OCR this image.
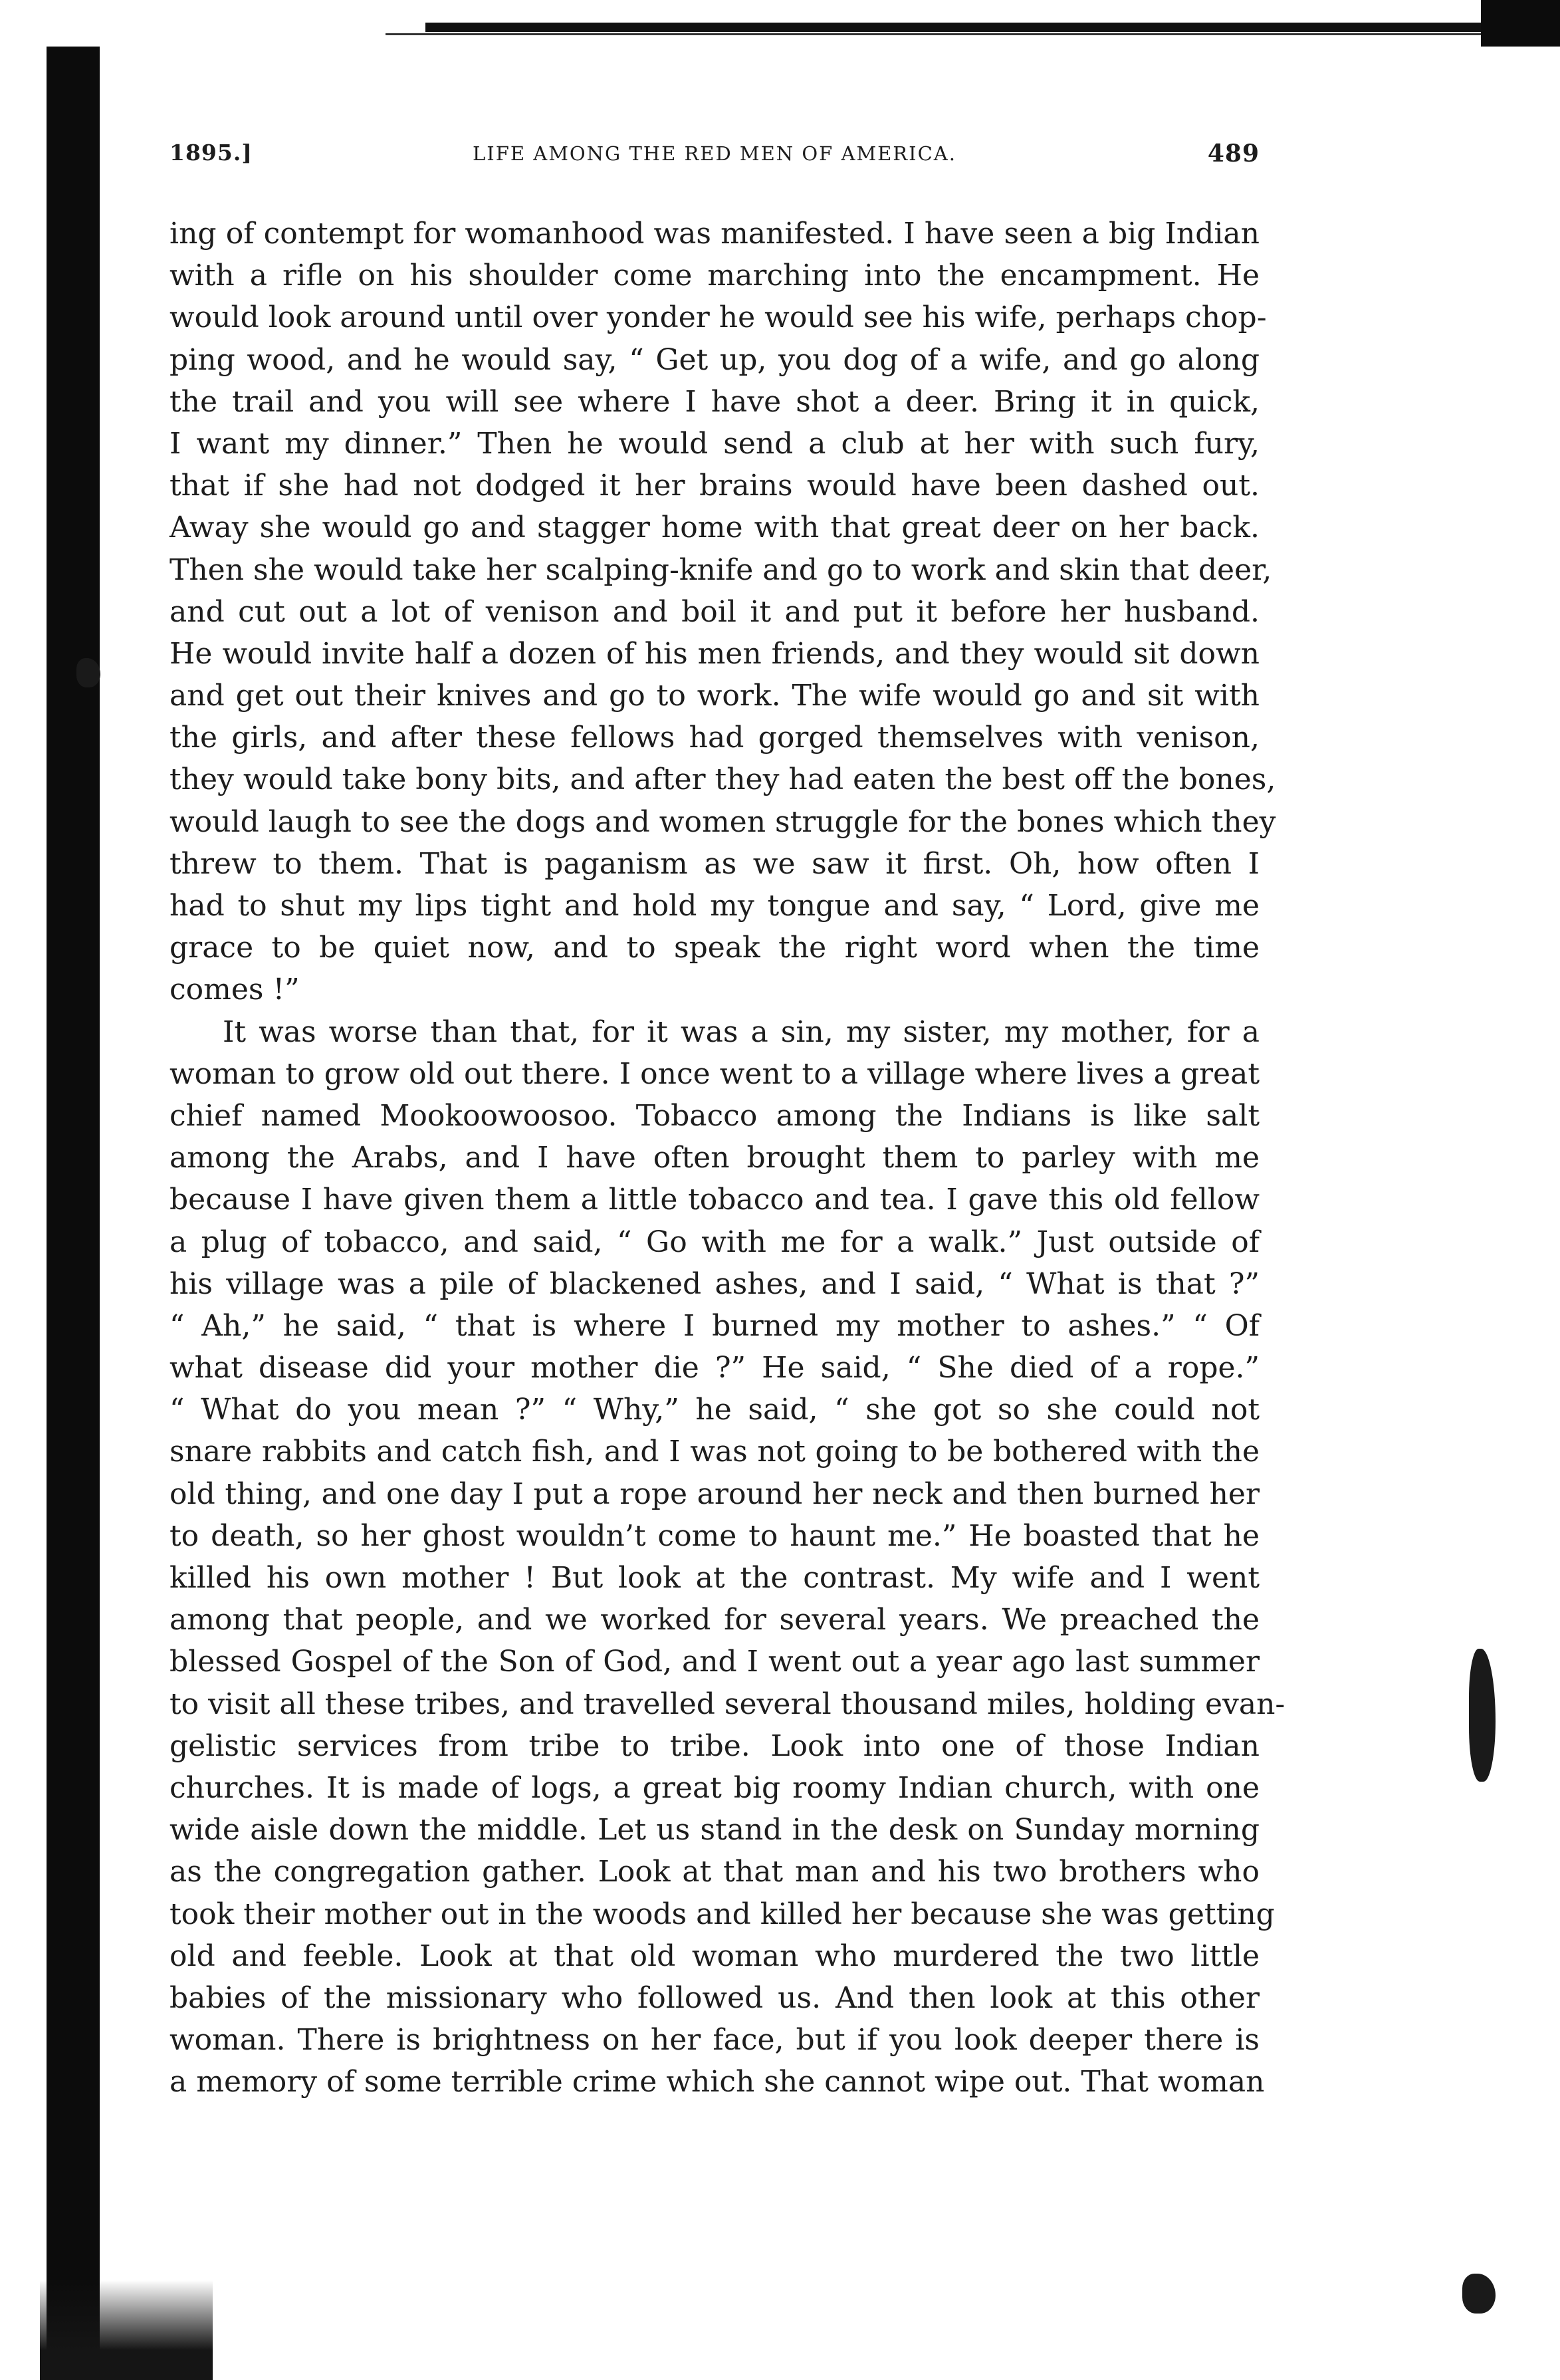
1895.]	LIFE AMONG THE RED MEN OF AMERICA.	489
ing of contempt for womanhood was manifested. I have seen a big Indian
with a rifle on his shoulder come marching into the encampment. He
would look around until over yonder he would see his wife, perhaps chop-
ping wood, and he would say, “ Get up, you dog of a wife, and go along
the trail and you will see where I have shot a deer. Bring it in quick,
I want my dinner.” Then he would send a club at her with such fury,
that if she had not dodged it her brains would have been dashed out.
Away she would go and stagger home with that great deer on her back.
Then she would take her scalping-knife and go to work and skin that deer,
and cut out a lot of venison and boil it and put it before her husband.
He would invite half a dozen of his men friends, and they would sit down
and get out their knives and go to work. The wife would go and sit with
the girls, and after these fellows had gorged themselves with venison,
they would take bony bits, and after they had eaten the best off the bones,
would laugh to see the dogs and women struggle for the bones which they
threw to them. That is paganism as we saw it first. Oh, how often I
had to shut my lips tight and hold my tongue and say, “ Lord, give me
grace to be quiet now, and to speak the right word when the time
comes !”
It was worse than that, for it was a sin, my sister, my mother, for a
woman to grow old out there. I once went to a village where lives a great
chief named Mookoowoosoo. Tobacco among the Indians is like salt
among the Arabs, and I have often brought them to parley with me
because I have given them a little tobacco and tea. I gave this old fellow
a plug of tobacco, and said, “ Go with me for a walk.” Just outside of
his village was a pile of blackened ashes, and I said, “ What is that ?”
“ Ah,” he said, “ that is where I burned my mother to ashes.” “ Of
what disease did your mother die ?” He said, “ She died of a rope.”
“ What do you mean ?” “ Why,” he said, “ she got so she could not
snare rabbits and catch fish, and I was not going to be bothered with the
old thing, and one day I put a rope around her neck and then burned her
to death, so her ghost wouldn’t come to haunt me.” He boasted that he
killed his own mother ! But look at the contrast. My wife and I went
among that people, and we worked for several years. We preached the
blessed Gospel of the Son of God, and I went out a year ago last summer
to visit all these tribes, and travelled several thousand miles, holding evan-
gelistic services from tribe to tribe. Look into one of those Indian
churches. It is made of logs, a great big roomy Indian church, with one
wide aisle down the middle. Let us stand in the desk on Sunday morning
as the congregation gather. Look at that man and his two brothers who
took their mother out in the woods and killed her because she was getting
old and feeble. Look at that old woman who murdered the two little
babies of the missionary who followed us. And then look at this other
woman. There is brightness on her face, but if you look deeper there is
a memory of some terrible crime which she cannot wipe out. That woman
